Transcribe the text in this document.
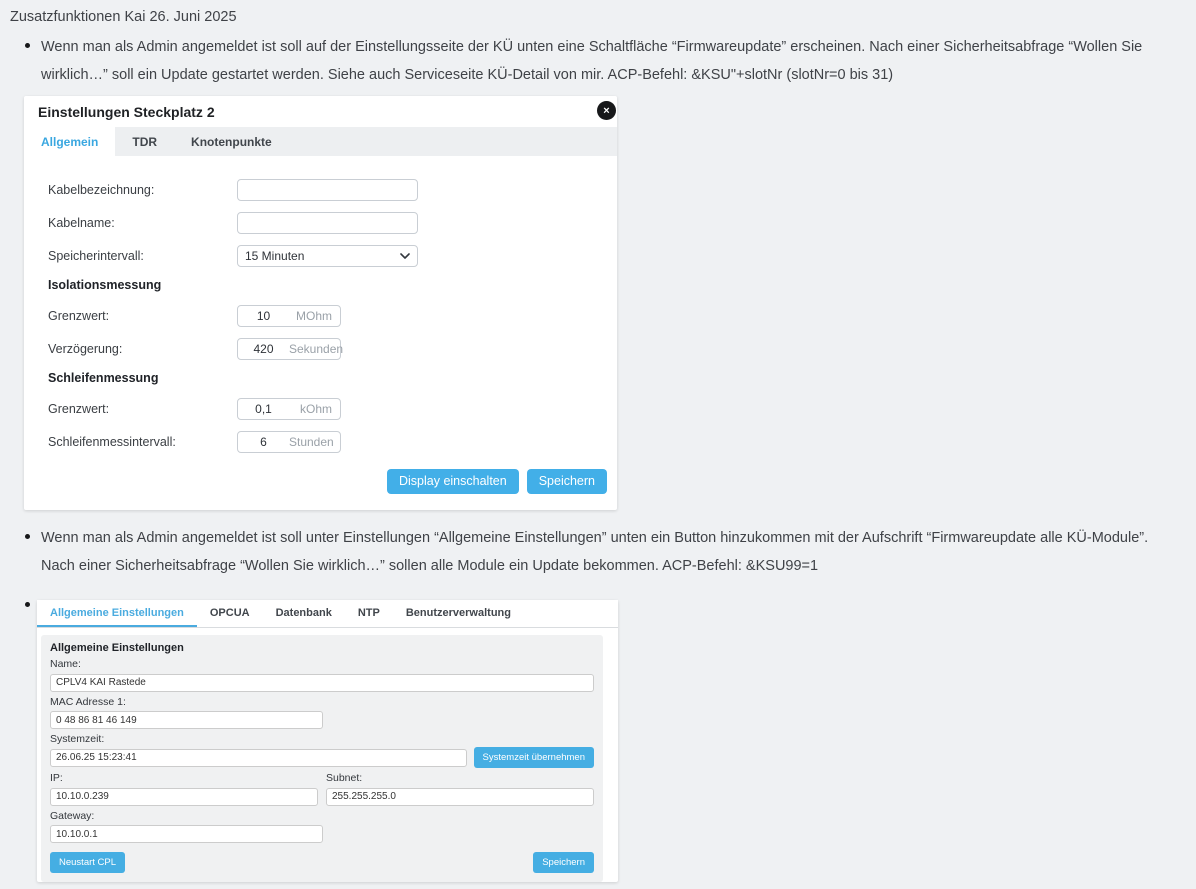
Zusatzfunktionen Kai 26. Juni 2025
Wenn man als Admin angemeldet ist soll auf der Einstellungsseite der KÜ unten eine Schaltfläche “Firmwareupdate” erscheinen. Nach einer Sicherheitsabfrage “Wollen Sie wirklich…” soll ein Update gestartet werden. Siehe auch Serviceseite KÜ-Detail von mir. ACP-Befehl: &KSU"+slotNr (slotNr=0 bis 31)
Einstellungen Steckplatz 2	×
Allgemein	TDR	Knotenpunkte
Kabelbezeichnung:
Kabelname:
Speicherintervall:	15 Minuten
Isolationsmessung
Grenzwert:	10	MOhm
Verzögerung:	420	Sekunden
Schleifenmessung
Grenzwert:	0,1	kOhm
Schleifenmessintervall:	6	Stunden
Display einschalten	Speichern
Wenn man als Admin angemeldet ist soll unter Einstellungen “Allgemeine Einstellungen” unten ein Button hinzukommen mit der Aufschrift “Firmwareupdate alle KÜ-Module”. Nach einer Sicherheitsabfrage “Wollen Sie wirklich…” sollen alle Module ein Update bekommen. ACP-Befehl: &KSU99=1
Allgemeine Einstellungen	OPCUA	Datenbank	NTP	Benutzerverwaltung
Allgemeine Einstellungen
Name:
CPLV4 KAI Rastede
MAC Adresse 1:
0 48 86 81 46 149
Systemzeit:
26.06.25 15:23:41
Systemzeit übernehmen
IP:
10.10.0.239	Subnet:
255.255.255.0
Gateway:
10.10.0.1
Neustart CPL	Speichern
